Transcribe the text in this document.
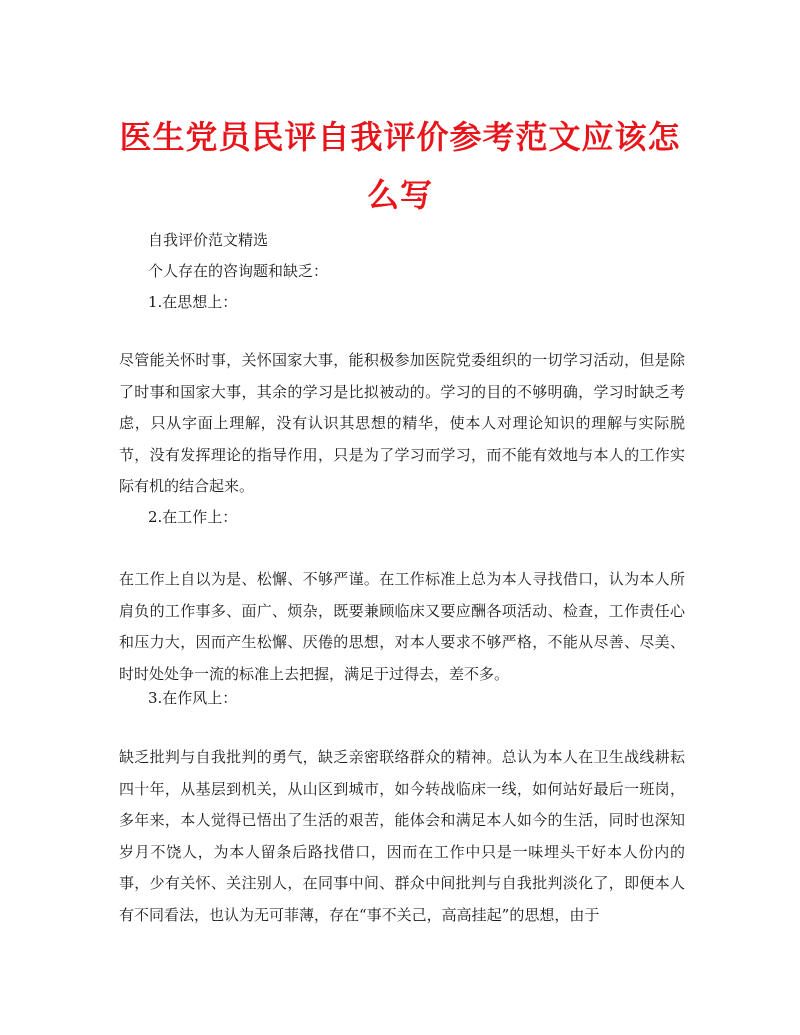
医生党员民评自我评价参考范文应该怎么写
自我评价范文精选
个人存在的咨询题和缺乏：
1.在思想上：
尽管能关怀时事，关怀国家大事，能积极参加医院党委组织的一切学习活动，但是除了时事和国家大事，其余的学习是比拟被动的。学习的目的不够明确，学习时缺乏考虑，只从字面上理解，没有认识其思想的精华，使本人对理论知识的理解与实际脱节，没有发挥理论的指导作用，只是为了学习而学习，而不能有效地与本人的工作实际有机的结合起来。
2.在工作上：
在工作上自以为是、松懈、不够严谨。在工作标准上总为本人寻找借口，认为本人所肩负的工作事多、面广、烦杂，既要兼顾临床又要应酬各项活动、检查，工作责任心和压力大，因而产生松懈、厌倦的思想，对本人要求不够严格，不能从尽善、尽美、时时处处争一流的标准上去把握，满足于过得去，差不多。
3.在作风上：
缺乏批判与自我批判的勇气，缺乏亲密联络群众的精神。总认为本人在卫生战线耕耘四十年，从基层到机关，从山区到城市，如今转战临床一线，如何站好最后一班岗，多年来，本人觉得已悟出了生活的艰苦，能体会和满足本人如今的生活，同时也深知岁月不饶人，为本人留条后路找借口，因而在工作中只是一味埋头干好本人份内的事，少有关怀、关注别人，在同事中间、群众中间批判与自我批判淡化了，即便本人有不同看法，也认为无可菲薄，存在“事不关己，高高挂起”的思想，由于
